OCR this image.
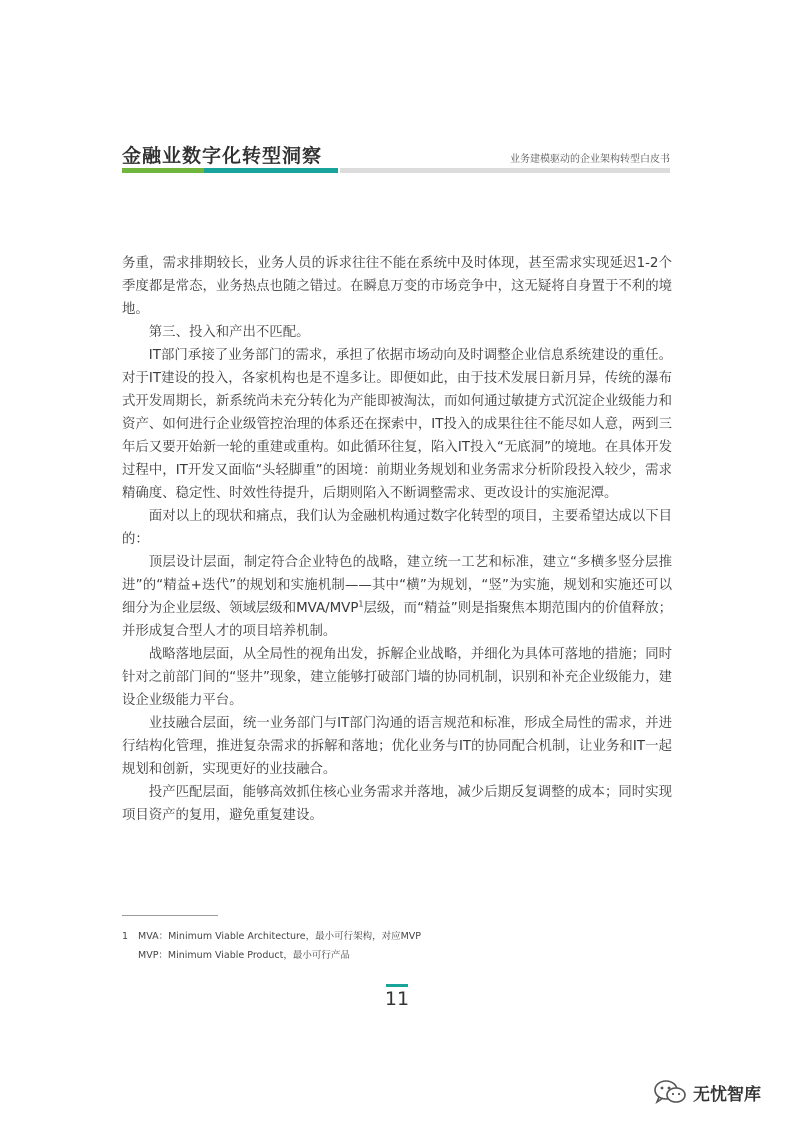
金融业数字化转型洞察	业务建模驱动的企业架构转型白皮书

务重，需求排期较长，业务人员的诉求往往不能在系统中及时体现，甚至需求实现延迟1-2个季度都是常态，业务热点也随之错过。在瞬息万变的市场竞争中，这无疑将自身置于不利的境地。

第三、投入和产出不匹配。

IT部门承接了业务部门的需求，承担了依据市场动向及时调整企业信息系统建设的重任。对于IT建设的投入，各家机构也是不遑多让。即便如此，由于技术发展日新月异，传统的瀑布式开发周期长，新系统尚未充分转化为产能即被淘汰，而如何通过敏捷方式沉淀企业级能力和资产、如何进行企业级管控治理的体系还在探索中，IT投入的成果往往不能尽如人意，两到三年后又要开始新一轮的重建或重构。如此循环往复，陷入IT投入“无底洞”的境地。在具体开发过程中，IT开发又面临“头轻脚重”的困境：前期业务规划和业务需求分析阶段投入较少，需求精确度、稳定性、时效性待提升，后期则陷入不断调整需求、更改设计的实施泥潭。

面对以上的现状和痛点，我们认为金融机构通过数字化转型的项目，主要希望达成以下目的：

顶层设计层面，制定符合企业特色的战略，建立统一工艺和标准，建立“多横多竖分层推进”的“精益+迭代”的规划和实施机制——其中“横”为规划，“竖”为实施，规划和实施还可以细分为企业层级、领域层级和MVA/MVP$^1$层级，而“精益”则是指聚焦本期范围内的价值释放；并形成复合型人才的项目培养机制。

战略落地层面，从全局性的视角出发，拆解企业战略，并细化为具体可落地的措施；同时针对之前部门间的“竖井”现象，建立能够打破部门墙的协同机制，识别和补充企业级能力，建设企业级能力平台。

业技融合层面，统一业务部门与IT部门沟通的语言规范和标准，形成全局性的需求，并进行结构化管理，推进复杂需求的拆解和落地；优化业务与IT的协同配合机制，让业务和IT一起规划和创新，实现更好的业技融合。

投产匹配层面，能够高效抓住核心业务需求并落地，减少后期反复调整的成本；同时实现项目资产的复用，避免重复建设。

1 MVA：Minimum Viable Architecture，最小可行架构，对应MVP
MVP：Minimum Viable Product，最小可行产品
11
无忧智库
